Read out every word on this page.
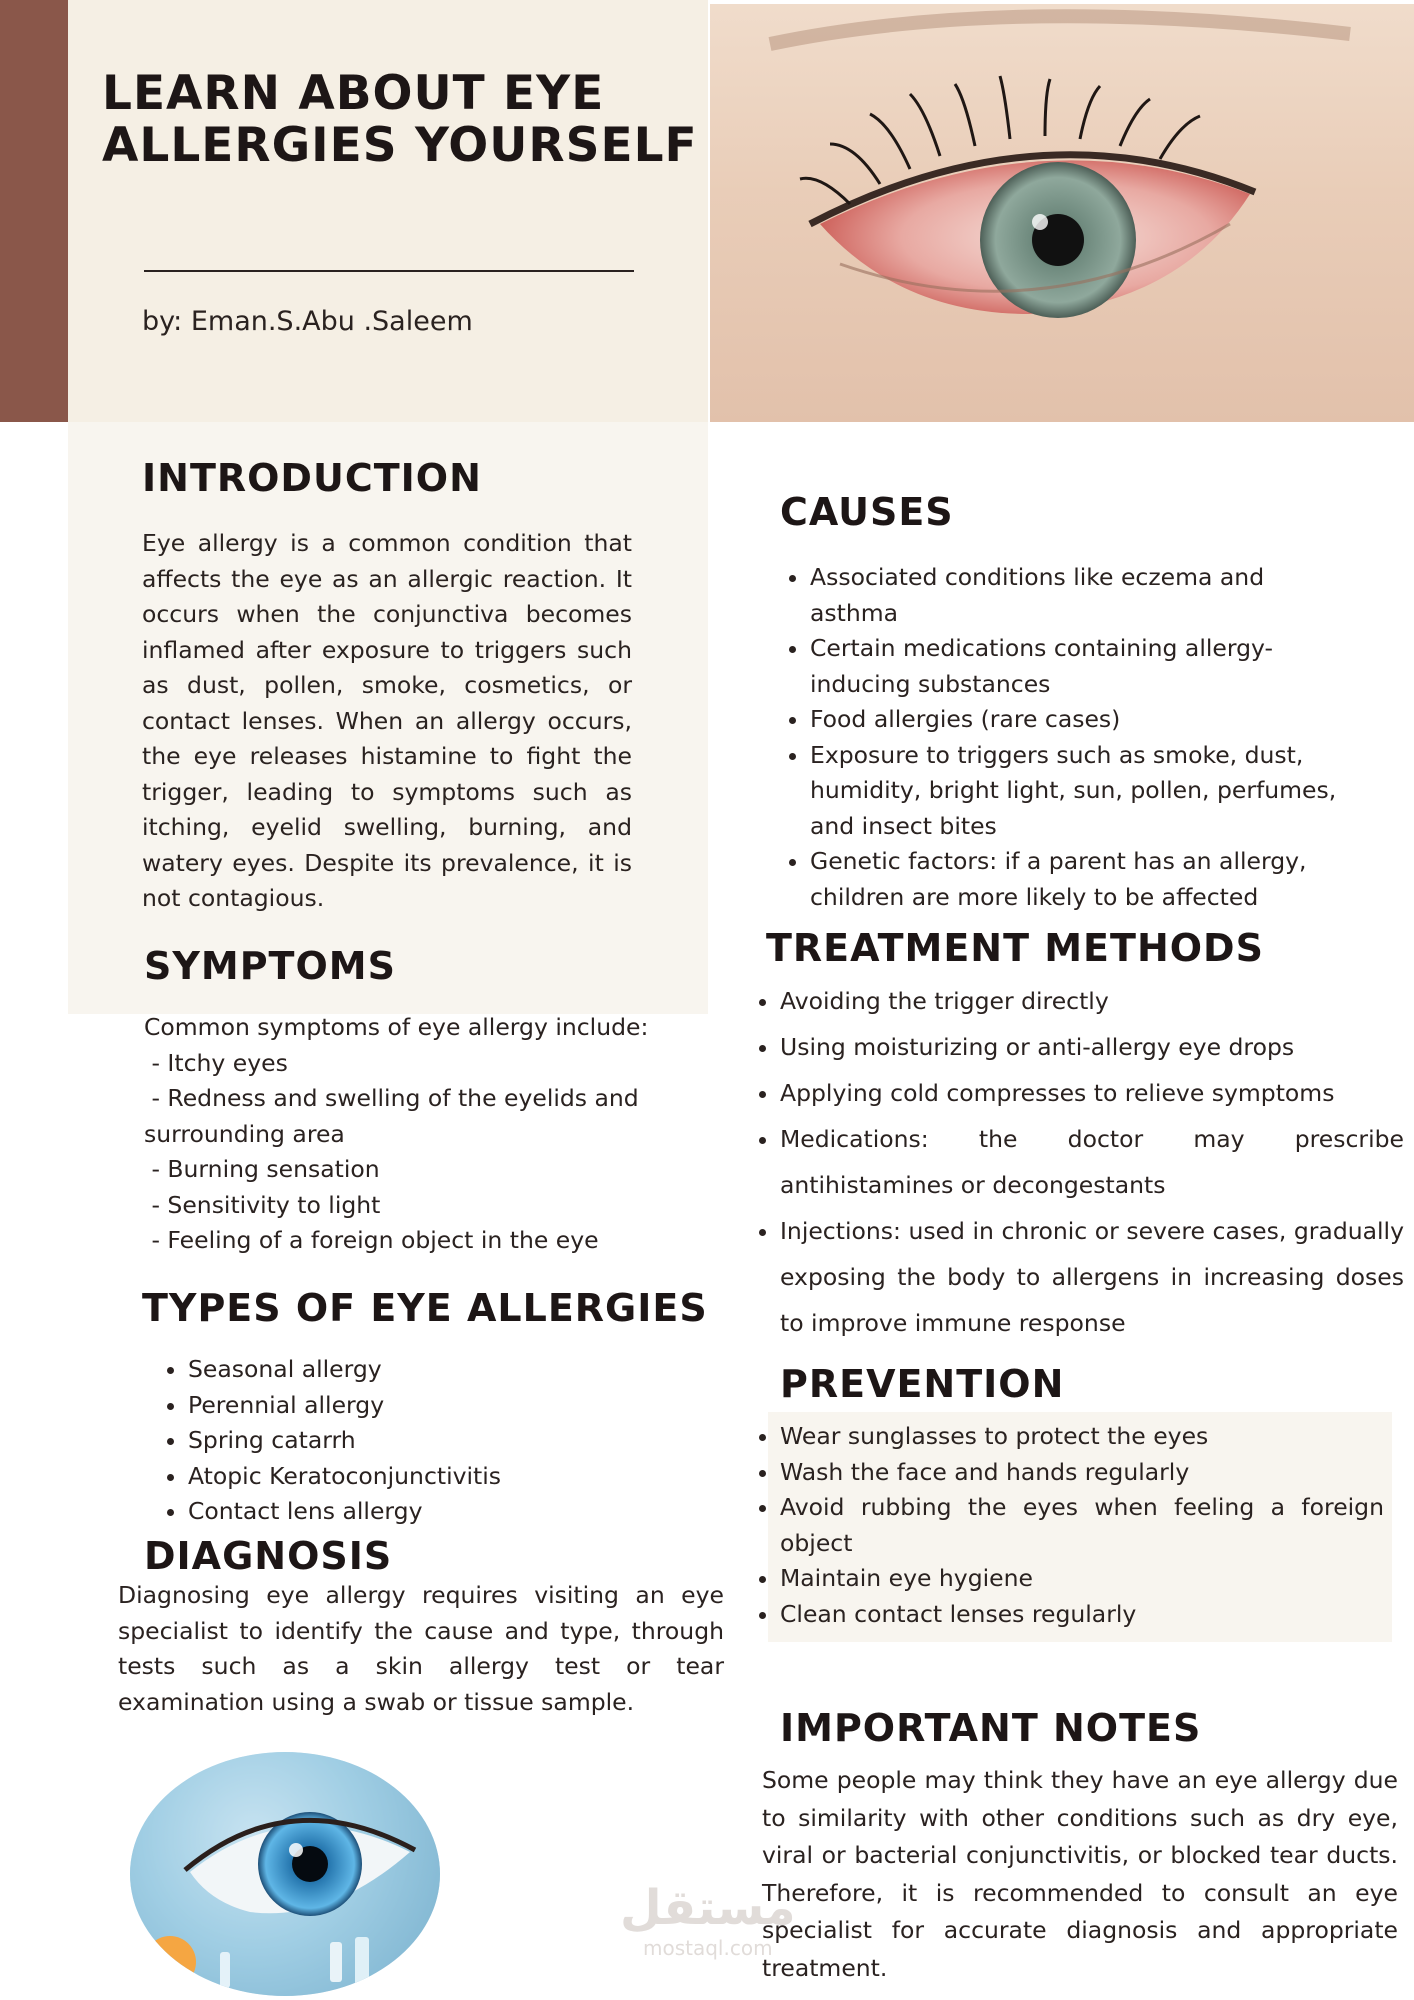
LEARN ABOUT EYE
ALLERGIES YOURSELF
by: Eman.S.Abu .Saleem
INTRODUCTION
Eye allergy is a common condition that affects the eye as an allergic reaction. It occurs when the conjunctiva becomes inflamed after exposure to triggers such as dust, pollen, smoke, cosmetics, or contact lenses. When an allergy occurs, the eye releases histamine to fight the trigger, leading to symptoms such as itching, eyelid swelling, burning, and watery eyes. Despite its prevalence, it is not contagious.
SYMPTOMS
Common symptoms of eye allergy include:
- Itchy eyes
- Redness and swelling of the eyelids and
surrounding area
- Burning sensation
- Sensitivity to light
- Feeling of a foreign object in the eye
TYPES OF EYE ALLERGIES
• Seasonal allergy
• Perennial allergy
• Spring catarrh
• Atopic Keratoconjunctivitis
• Contact lens allergy
DIAGNOSIS
Diagnosing eye allergy requires visiting an eye specialist to identify the cause and type, through tests such as a skin allergy test or tear examination using a swab or tissue sample.
CAUSES
• Associated conditions like eczema and asthma
• Certain medications containing allergy-inducing substances
• Food allergies (rare cases)
• Exposure to triggers such as smoke, dust, humidity, bright light, sun, pollen, perfumes, and insect bites
• Genetic factors: if a parent has an allergy, children are more likely to be affected
TREATMENT METHODS
• Avoiding the trigger directly
• Using moisturizing or anti-allergy eye drops
• Applying cold compresses to relieve symptoms
• Medications: the doctor may prescribe antihistamines or decongestants
• Injections: used in chronic or severe cases, gradually exposing the body to allergens in increasing doses to improve immune response
PREVENTION
• Wear sunglasses to protect the eyes
• Wash the face and hands regularly
• Avoid rubbing the eyes when feeling a foreign object
• Maintain eye hygiene
• Clean contact lenses regularly
IMPORTANT NOTES
Some people may think they have an eye allergy due to similarity with other conditions such as dry eye, viral or bacterial conjunctivitis, or blocked tear ducts. Therefore, it is recommended to consult an eye specialist for accurate diagnosis and appropriate treatment.
مستقل
mostaql.com
